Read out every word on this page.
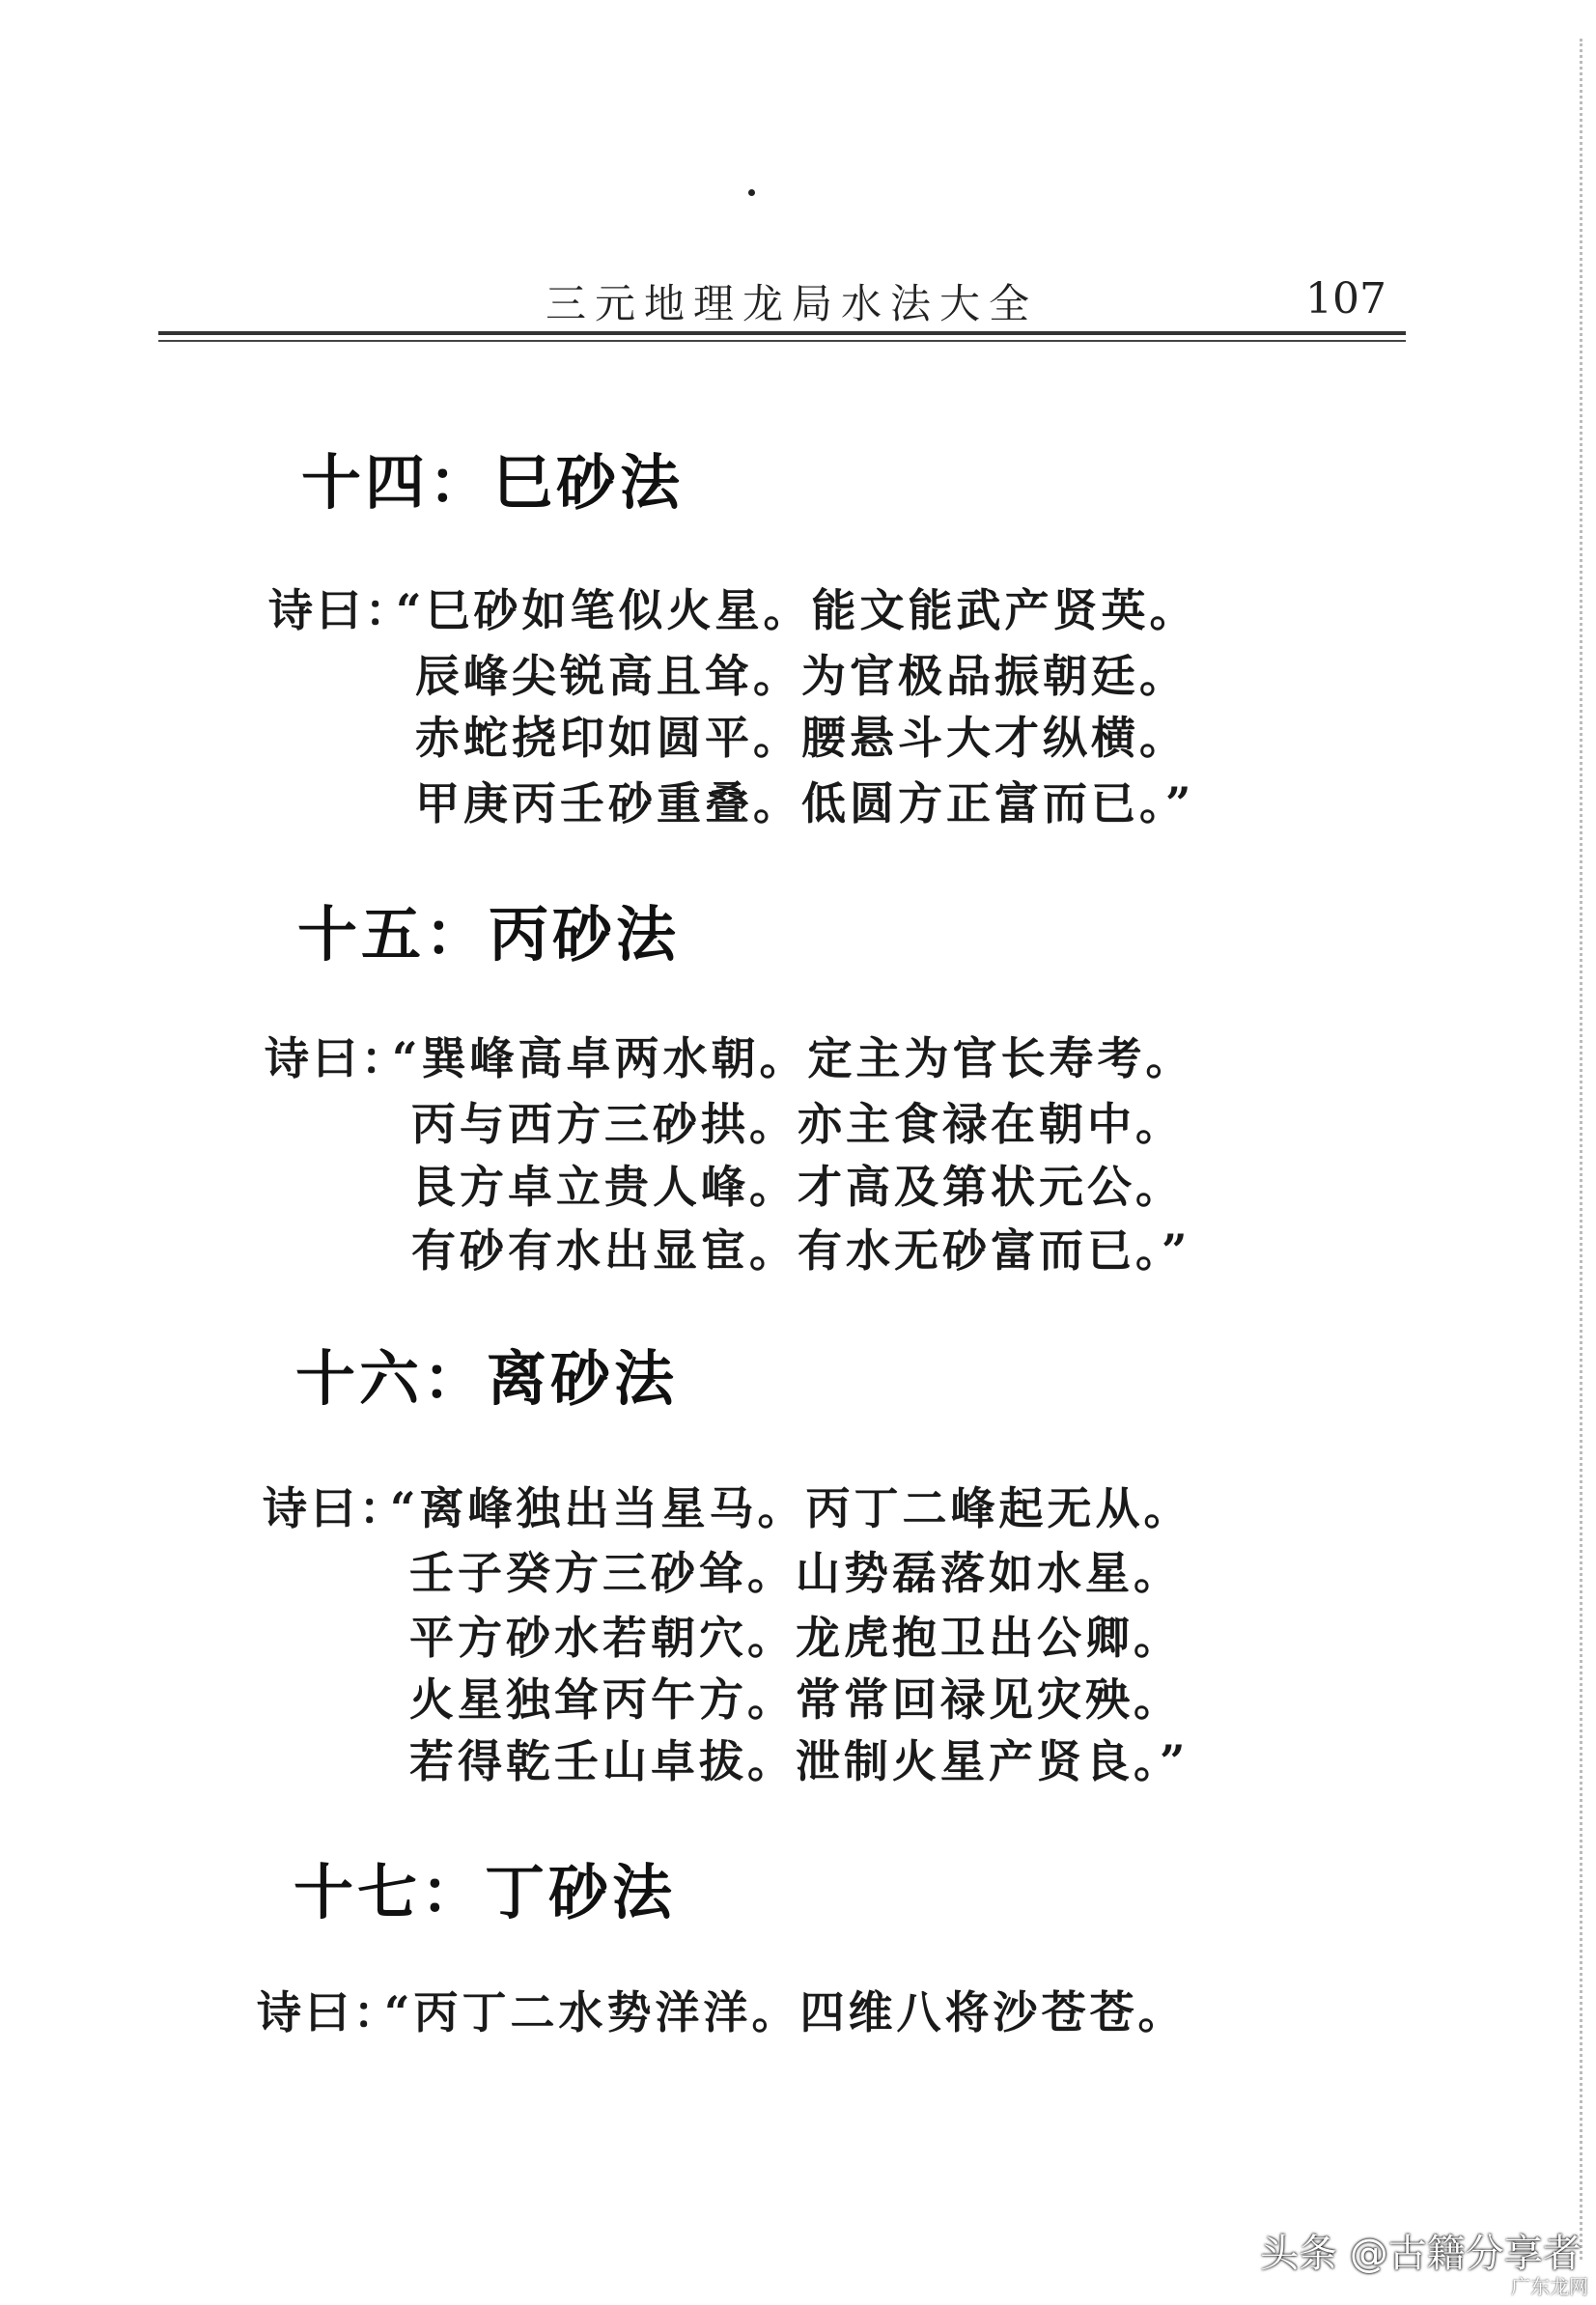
三元地理龙局水法大全	107
十四：巳砂法
诗曰：
“巳砂如笔似火星。能文能武产贤英。
辰峰尖锐高且耸。为官极品振朝廷。
赤蛇挠印如圆平。腰悬斗大才纵横。
甲庚丙壬砂重叠。低圆方正富而已。”
十五：丙砂法
诗曰：
“巽峰高卓两水朝。定主为官长寿考。
丙与西方三砂拱。亦主食禄在朝中。
艮方卓立贵人峰。才高及第状元公。
有砂有水出显宦。有水无砂富而已。”
十六：离砂法
诗曰：
“离峰独出当星马。丙丁二峰起无从。
壬子癸方三砂耸。山势磊落如水星。
平方砂水若朝穴。龙虎抱卫出公卿。
火星独耸丙午方。常常回禄见灾殃。
若得乾壬山卓拔。泄制火星产贤良。”
十七：丁砂法
诗曰：
“丙丁二水势洋洋。四维八将沙苍苍。
头条 @古籍分享者
广东龙网
